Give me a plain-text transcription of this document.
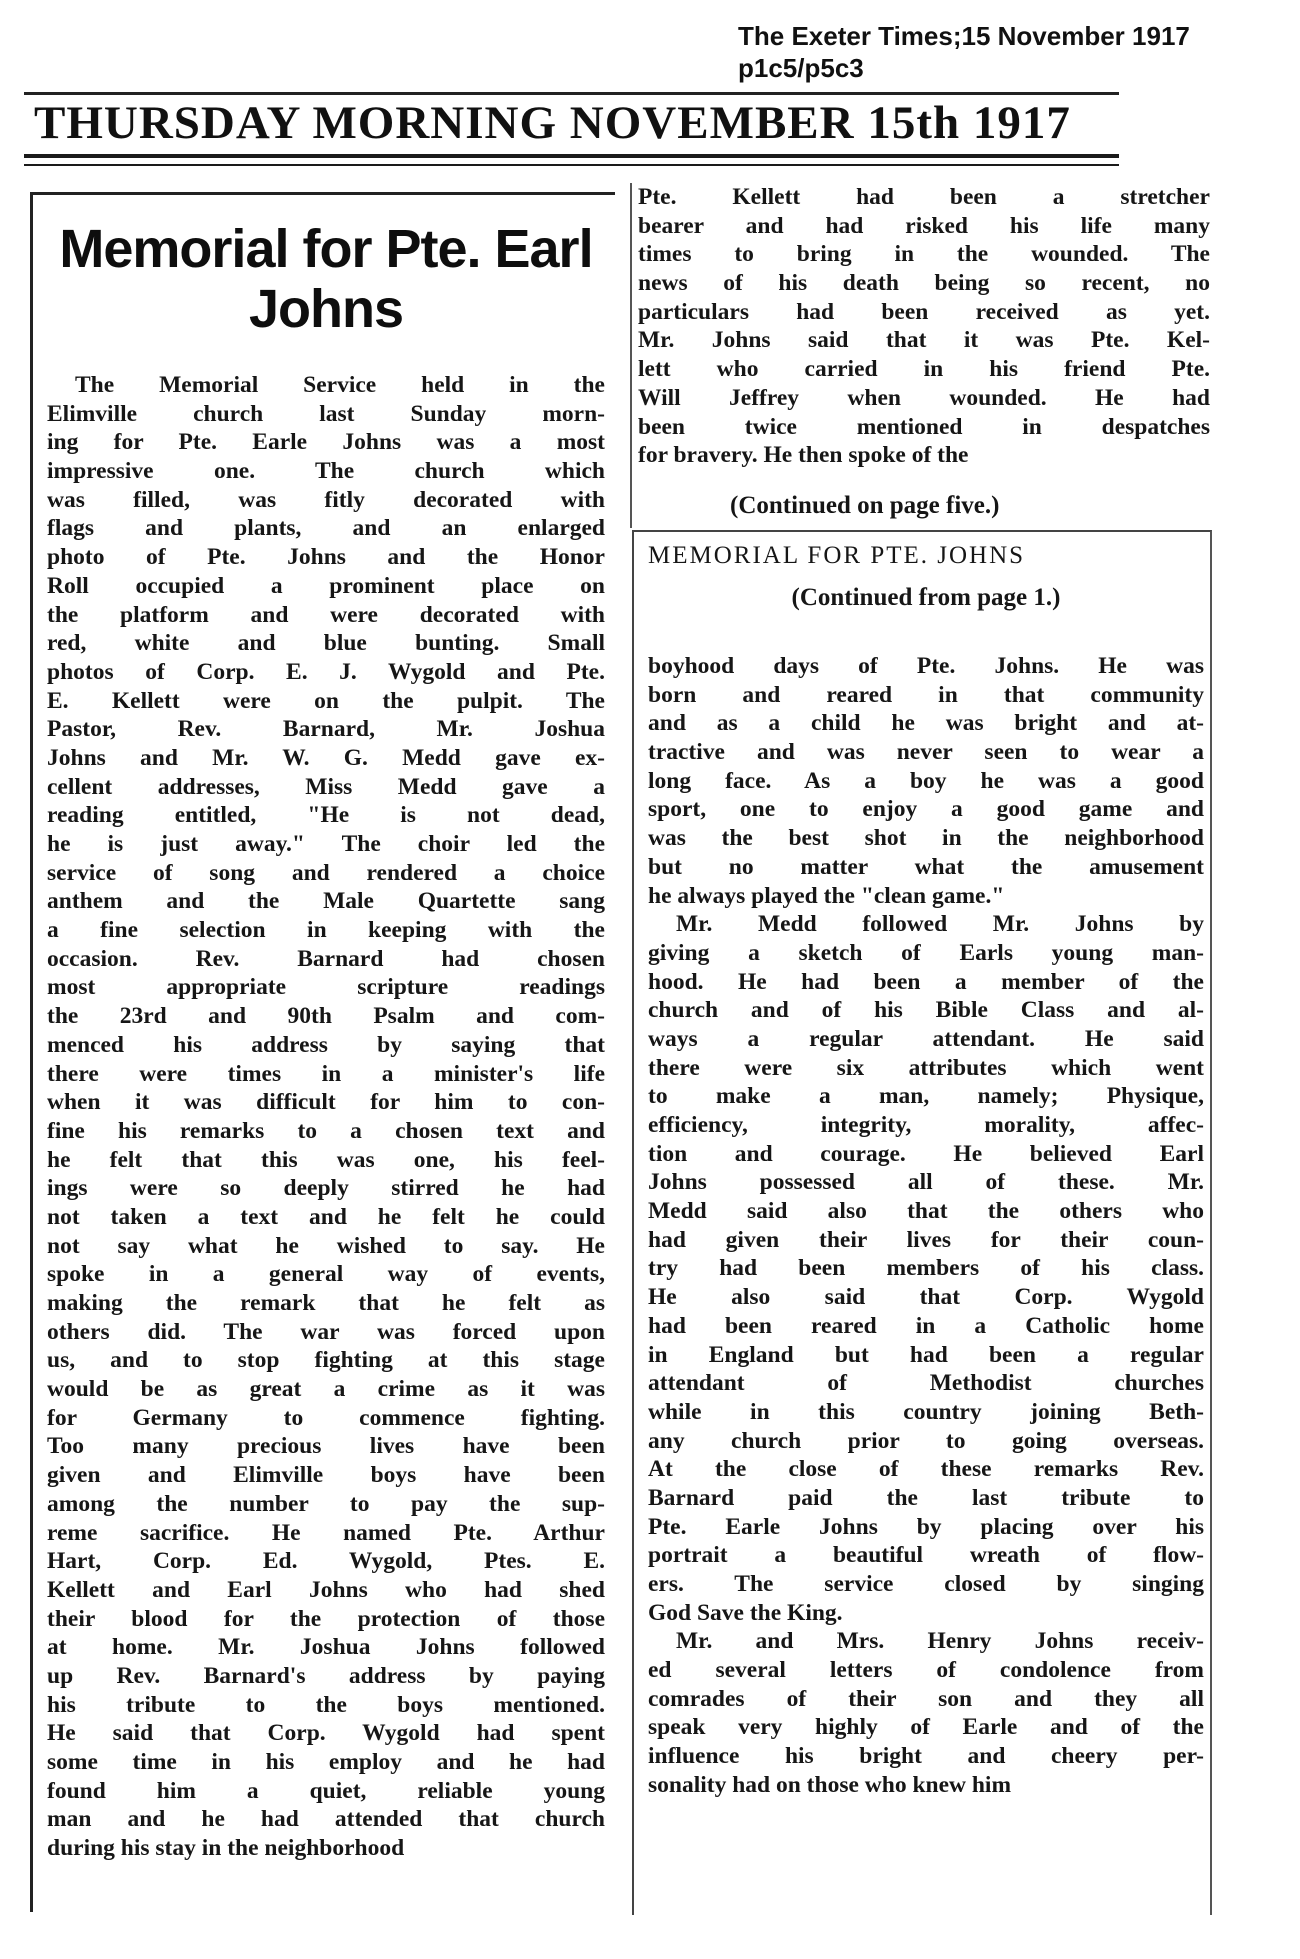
The Exeter Times;15 November 1917
p1c5/p5c3
THURSDAY MORNING NOVEMBER 15th 1917
Memorial for Pte. Earl
Johns
The Memorial Service held in the
Elimville church last Sunday morn-
ing for Pte. Earle Johns was a most
impressive one. The church which
was filled, was fitly decorated with
flags and plants, and an enlarged
photo of Pte. Johns and the Honor
Roll occupied a prominent place on
the platform and were decorated with
red, white and blue bunting. Small
photos of Corp. E. J. Wygold and Pte.
E. Kellett were on the pulpit. The
Pastor, Rev. Barnard, Mr. Joshua
Johns and Mr. W. G. Medd gave ex-
cellent addresses, Miss Medd gave a
reading entitled, "He is not dead,
he is just away." The choir led the
service of song and rendered a choice
anthem and the Male Quartette sang
a fine selection in keeping with the
occasion. Rev. Barnard had chosen
most appropriate scripture readings
the 23rd and 90th Psalm and com-
menced his address by saying that
there were times in a minister's life
when it was difficult for him to con-
fine his remarks to a chosen text and
he felt that this was one, his feel-
ings were so deeply stirred he had
not taken a text and he felt he could
not say what he wished to say. He
spoke in a general way of events,
making the remark that he felt as
others did. The war was forced upon
us, and to stop fighting at this stage
would be as great a crime as it was
for Germany to commence fighting.
Too many precious lives have been
given and Elimville boys have been
among the number to pay the sup-
reme sacrifice. He named Pte. Arthur
Hart, Corp. Ed. Wygold, Ptes. E.
Kellett and Earl Johns who had shed
their blood for the protection of those
at home. Mr. Joshua Johns followed
up Rev. Barnard's address by paying
his tribute to the boys mentioned.
He said that Corp. Wygold had spent
some time in his employ and he had
found him a quiet, reliable young
man and he had attended that church
during his stay in the neighborhood
Pte. Kellett had been a stretcher
bearer and had risked his life many
times to bring in the wounded. The
news of his death being so recent, no
particulars had been received as yet.
Mr. Johns said that it was Pte. Kel-
lett who carried in his friend Pte.
Will Jeffrey when wounded. He had
been twice mentioned in despatches
for bravery. He then spoke of the
(Continued on page five.)
MEMORIAL FOR PTE. JOHNS
(Continued from page 1.)
boyhood days of Pte. Johns. He was
born and reared in that community
and as a child he was bright and at-
tractive and was never seen to wear a
long face. As a boy he was a good
sport, one to enjoy a good game and
was the best shot in the neighborhood
but no matter what the amusement
he always played the "clean game."
Mr. Medd followed Mr. Johns by
giving a sketch of Earls young man-
hood. He had been a member of the
church and of his Bible Class and al-
ways a regular attendant. He said
there were six attributes which went
to make a man, namely; Physique,
efficiency, integrity, morality, affec-
tion and courage. He believed Earl
Johns possessed all of these. Mr.
Medd said also that the others who
had given their lives for their coun-
try had been members of his class.
He also said that Corp. Wygold
had been reared in a Catholic home
in England but had been a regular
attendant of Methodist churches
while in this country joining Beth-
any church prior to going overseas.
At the close of these remarks Rev.
Barnard paid the last tribute to
Pte. Earle Johns by placing over his
portrait a beautiful wreath of flow-
ers. The service closed by singing
God Save the King.
Mr. and Mrs. Henry Johns receiv-
ed several letters of condolence from
comrades of their son and they all
speak very highly of Earle and of the
influence his bright and cheery per-
sonality had on those who knew him
